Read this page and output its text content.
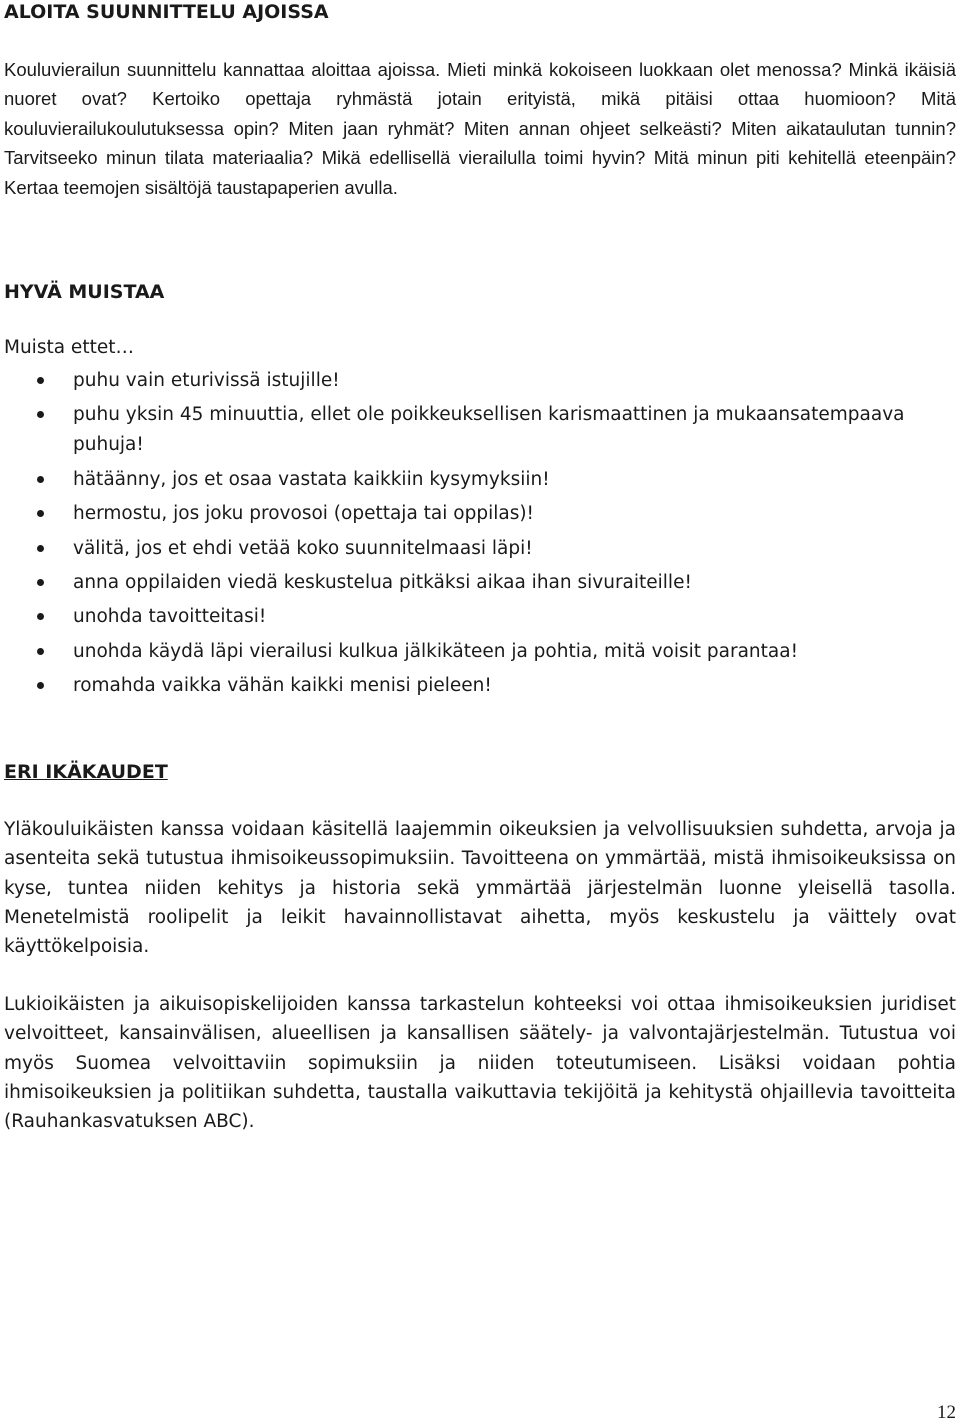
ALOITA SUUNNITTELU AJOISSA

Kouluvierailun suunnittelu kannattaa aloittaa ajoissa. Mieti minkä kokoiseen luokkaan olet menossa? Minkä ikäisiä nuoret ovat? Kertoiko opettaja ryhmästä jotain erityistä, mikä pitäisi ottaa huomioon? Mitä kouluvierailukoulutuksessa opin? Miten jaan ryhmät? Miten annan ohjeet selkeästi? Miten aikataulutan tunnin? Tarvitseeko minun tilata materiaalia? Mikä edellisellä vierailulla toimi hyvin? Mitä minun piti kehitellä eteenpäin? Kertaa teemojen sisältöjä taustapaperien avulla.

HYVÄ MUISTAA

Muista ettet…

puhu vain eturivissä istujille!
puhu yksin 45 minuuttia, ellet ole poikkeuksellisen karismaattinen ja mukaansatempaava puhuja!
hätäänny, jos et osaa vastata kaikkiin kysymyksiin!
hermostu, jos joku provosoi (opettaja tai oppilas)!
välitä, jos et ehdi vetää koko suunnitelmaasi läpi!
anna oppilaiden viedä keskustelua pitkäksi aikaa ihan sivuraiteille!
unohda tavoitteitasi!
unohda käydä läpi vierailusi kulkua jälkikäteen ja pohtia, mitä voisit parantaa!
romahda vaikka vähän kaikki menisi pieleen!
ERI IKÄKAUDET

Yläkouluikäisten kanssa voidaan käsitellä laajemmin oikeuksien ja velvollisuuksien suhdetta, arvoja ja asenteita sekä tutustua ihmisoikeussopimuksiin. Tavoitteena on ymmärtää, mistä ihmisoikeuksissa on kyse, tuntea niiden kehitys ja historia sekä ymmärtää järjestelmän luonne yleisellä tasolla. Menetelmistä roolipelit ja leikit havainnollistavat aihetta, myös keskustelu ja väittely ovat käyttökelpoisia.

Lukioikäisten ja aikuisopiskelijoiden kanssa tarkastelun kohteeksi voi ottaa ihmisoikeuksien juridiset velvoitteet, kansainvälisen, alueellisen ja kansallisen säätely- ja valvontajärjestelmän. Tutustua voi myös Suomea velvoittaviin sopimuksiin ja niiden toteutumiseen. Lisäksi voidaan pohtia ihmisoikeuksien ja politiikan suhdetta, taustalla vaikuttavia tekijöitä ja kehitystä ohjaillevia tavoitteita (Rauhankasvatuksen ABC).

12
